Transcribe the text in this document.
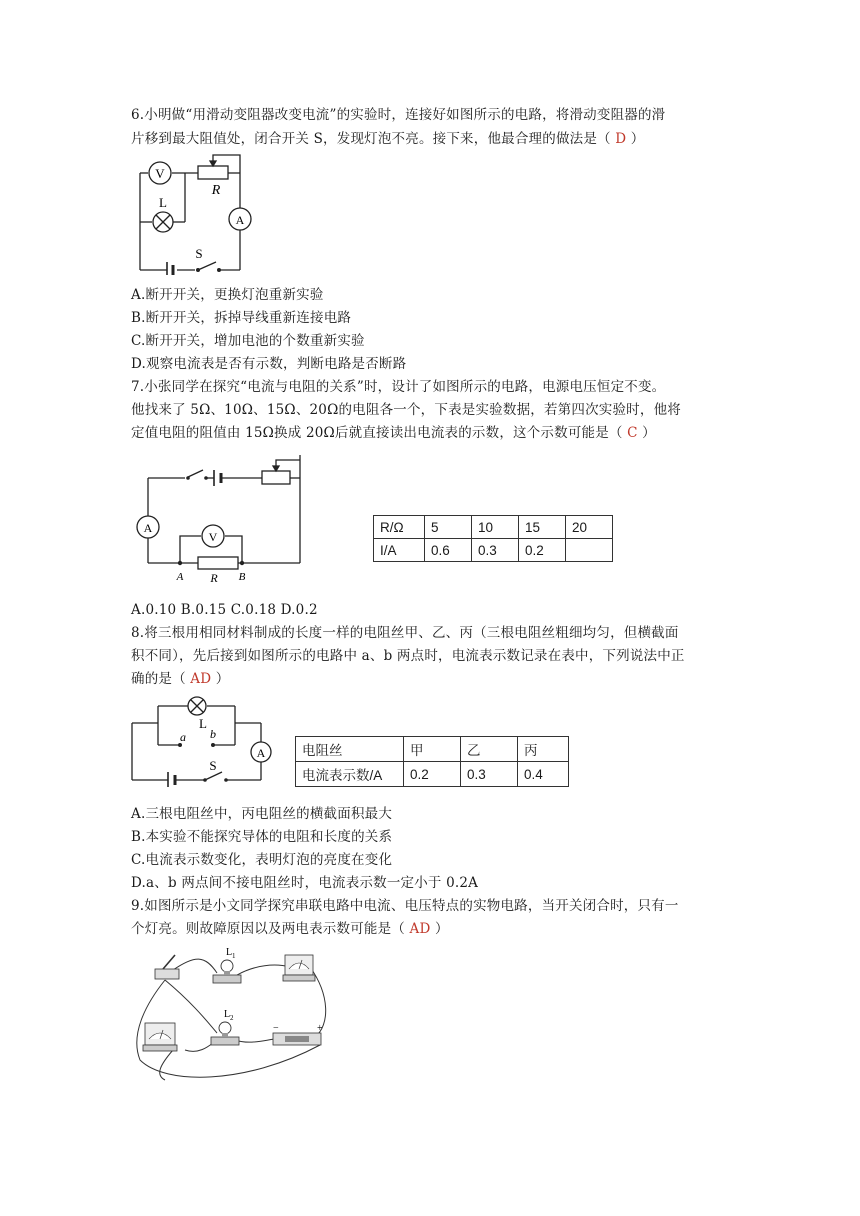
6.小明做“用滑动变阻器改变电流”的实验时，连接好如图所示的电路，将滑动变阻器的滑
片移到最大阻值处，闭合开关 S，发现灯泡不亮。接下来，他最合理的做法是（ D ）
V
R
L
A
S
A.断开开关，更换灯泡重新实验
B.断开开关，拆掉导线重新连接电路
C.断开开关，增加电池的个数重新实验
D.观察电流表是否有示数，判断电路是否断路
7.小张同学在探究“电流与电阻的关系”时，设计了如图所示的电路，电源电压恒定不变。
他找来了 5Ω、10Ω、15Ω、20Ω的电阻各一个，下表是实验数据，若第四次实验时，他将
定值电阻的阻值由 15Ω换成 20Ω后就直接读出电流表的示数，这个示数可能是（ C ）
A
V
R
A	B
R/Ω	5	10	15	20
I/A	0.6	0.3	0.2	
A.0.10 B.0.15 C.0.18 D.0.2
8.将三根用相同材料制成的长度一样的电阻丝甲、乙、丙（三根电阻丝粗细均匀，但横截面
积不同），先后接到如图所示的电路中 a、b 两点时，电流表示数记录在表中，下列说法中正
确的是（ AD ）
L
a b
A
S
电阻丝	甲	乙	丙
电流表示数/A	0.2	0.3	0.4
A.三根电阻丝中，丙电阻丝的横截面积最大
B.本实验不能探究导体的电阻和长度的关系
C.电流表示数变化，表明灯泡的亮度在变化
D.a、b 两点间不接电阻丝时，电流表示数一定小于 0.2A
9.如图所示是小文同学探究串联电路中电流、电压特点的实物电路，当开关闭合时，只有一
个灯亮。则故障原因以及两电表示数可能是（ AD ）
L 1
L 2
−	+
